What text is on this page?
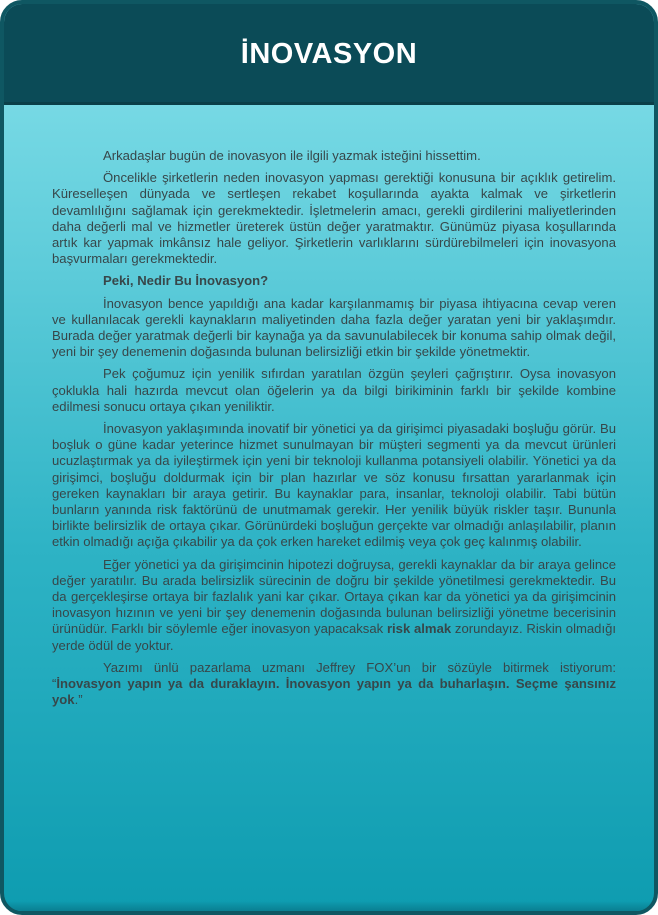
İNOVASYON

Arkadaşlar bugün de inovasyon ile ilgili yazmak isteğini hissettim.

Öncelikle şirketlerin neden inovasyon yapması gerektiği konusuna bir açıklık getirelim. Küreselleşen dünyada ve sertleşen rekabet koşullarında ayakta kalmak ve şirketlerin devamlılığını sağlamak için gerekmektedir. İşletmelerin amacı, gerekli girdilerini maliyetlerinden daha değerli mal ve hizmetler üreterek üstün değer yaratmaktır. Günümüz piyasa koşullarında artık kar yapmak imkânsız hale geliyor. Şirketlerin varlıklarını sürdürebilmeleri için inovasyona başvurmaları gerekmektedir.

Peki, Nedir Bu İnovasyon?

İnovasyon bence yapıldığı ana kadar karşılanmamış bir piyasa ihtiyacına cevap veren ve kullanılacak gerekli kaynakların maliyetinden daha fazla değer yaratan yeni bir yaklaşımdır. Burada değer yaratmak değerli bir kaynağa ya da savunulabilecek bir konuma sahip olmak değil, yeni bir şey denemenin doğasında bulunan belirsizliği etkin bir şekilde yönetmektir.

Pek çoğumuz için yenilik sıfırdan yaratılan özgün şeyleri çağrıştırır. Oysa inovasyon çoklukla hali hazırda mevcut olan öğelerin ya da bilgi birikiminin farklı bir şekilde kombine edilmesi sonucu ortaya çıkan yeniliktir.

İnovasyon yaklaşımında inovatif bir yönetici ya da girişimci piyasadaki boşluğu görür. Bu boşluk o güne kadar yeterince hizmet sunulmayan bir müşteri segmenti ya da mevcut ürünleri ucuzlaştırmak ya da iyileştirmek için yeni bir teknoloji kullanma potansiyeli olabilir. Yönetici ya da girişimci, boşluğu doldurmak için bir plan hazırlar ve söz konusu fırsattan yararlanmak için gereken kaynakları bir araya getirir. Bu kaynaklar para, insanlar, teknoloji olabilir. Tabi bütün bunların yanında risk faktörünü de unutmamak gerekir. Her yenilik büyük riskler taşır. Bununla birlikte belirsizlik de ortaya çıkar. Görünürdeki boşluğun gerçekte var olmadığı anlaşılabilir, planın etkin olmadığı açığa çıkabilir ya da çok erken hareket edilmiş veya çok geç kalınmış olabilir.

Eğer yönetici ya da girişimcinin hipotezi doğruysa, gerekli kaynaklar da bir araya gelince değer yaratılır. Bu arada belirsizlik sürecinin de doğru bir şekilde yönetilmesi gerekmektedir. Bu da gerçekleşirse ortaya bir fazlalık yani kar çıkar. Ortaya çıkan kar da yönetici ya da girişimcinin inovasyon hızının ve yeni bir şey denemenin doğasında bulunan belirsizliği yönetme becerisinin ürünüdür. Farklı bir söylemle eğer inovasyon yapacaksak risk almak zorundayız. Riskin olmadığı yerde ödül de yoktur.

Yazımı ünlü pazarlama uzmanı Jeffrey FOX’un bir sözüyle bitirmek istiyorum: “İnovasyon yapın ya da duraklayın. İnovasyon yapın ya da buharlaşın. Seçme şansınız yok.”
